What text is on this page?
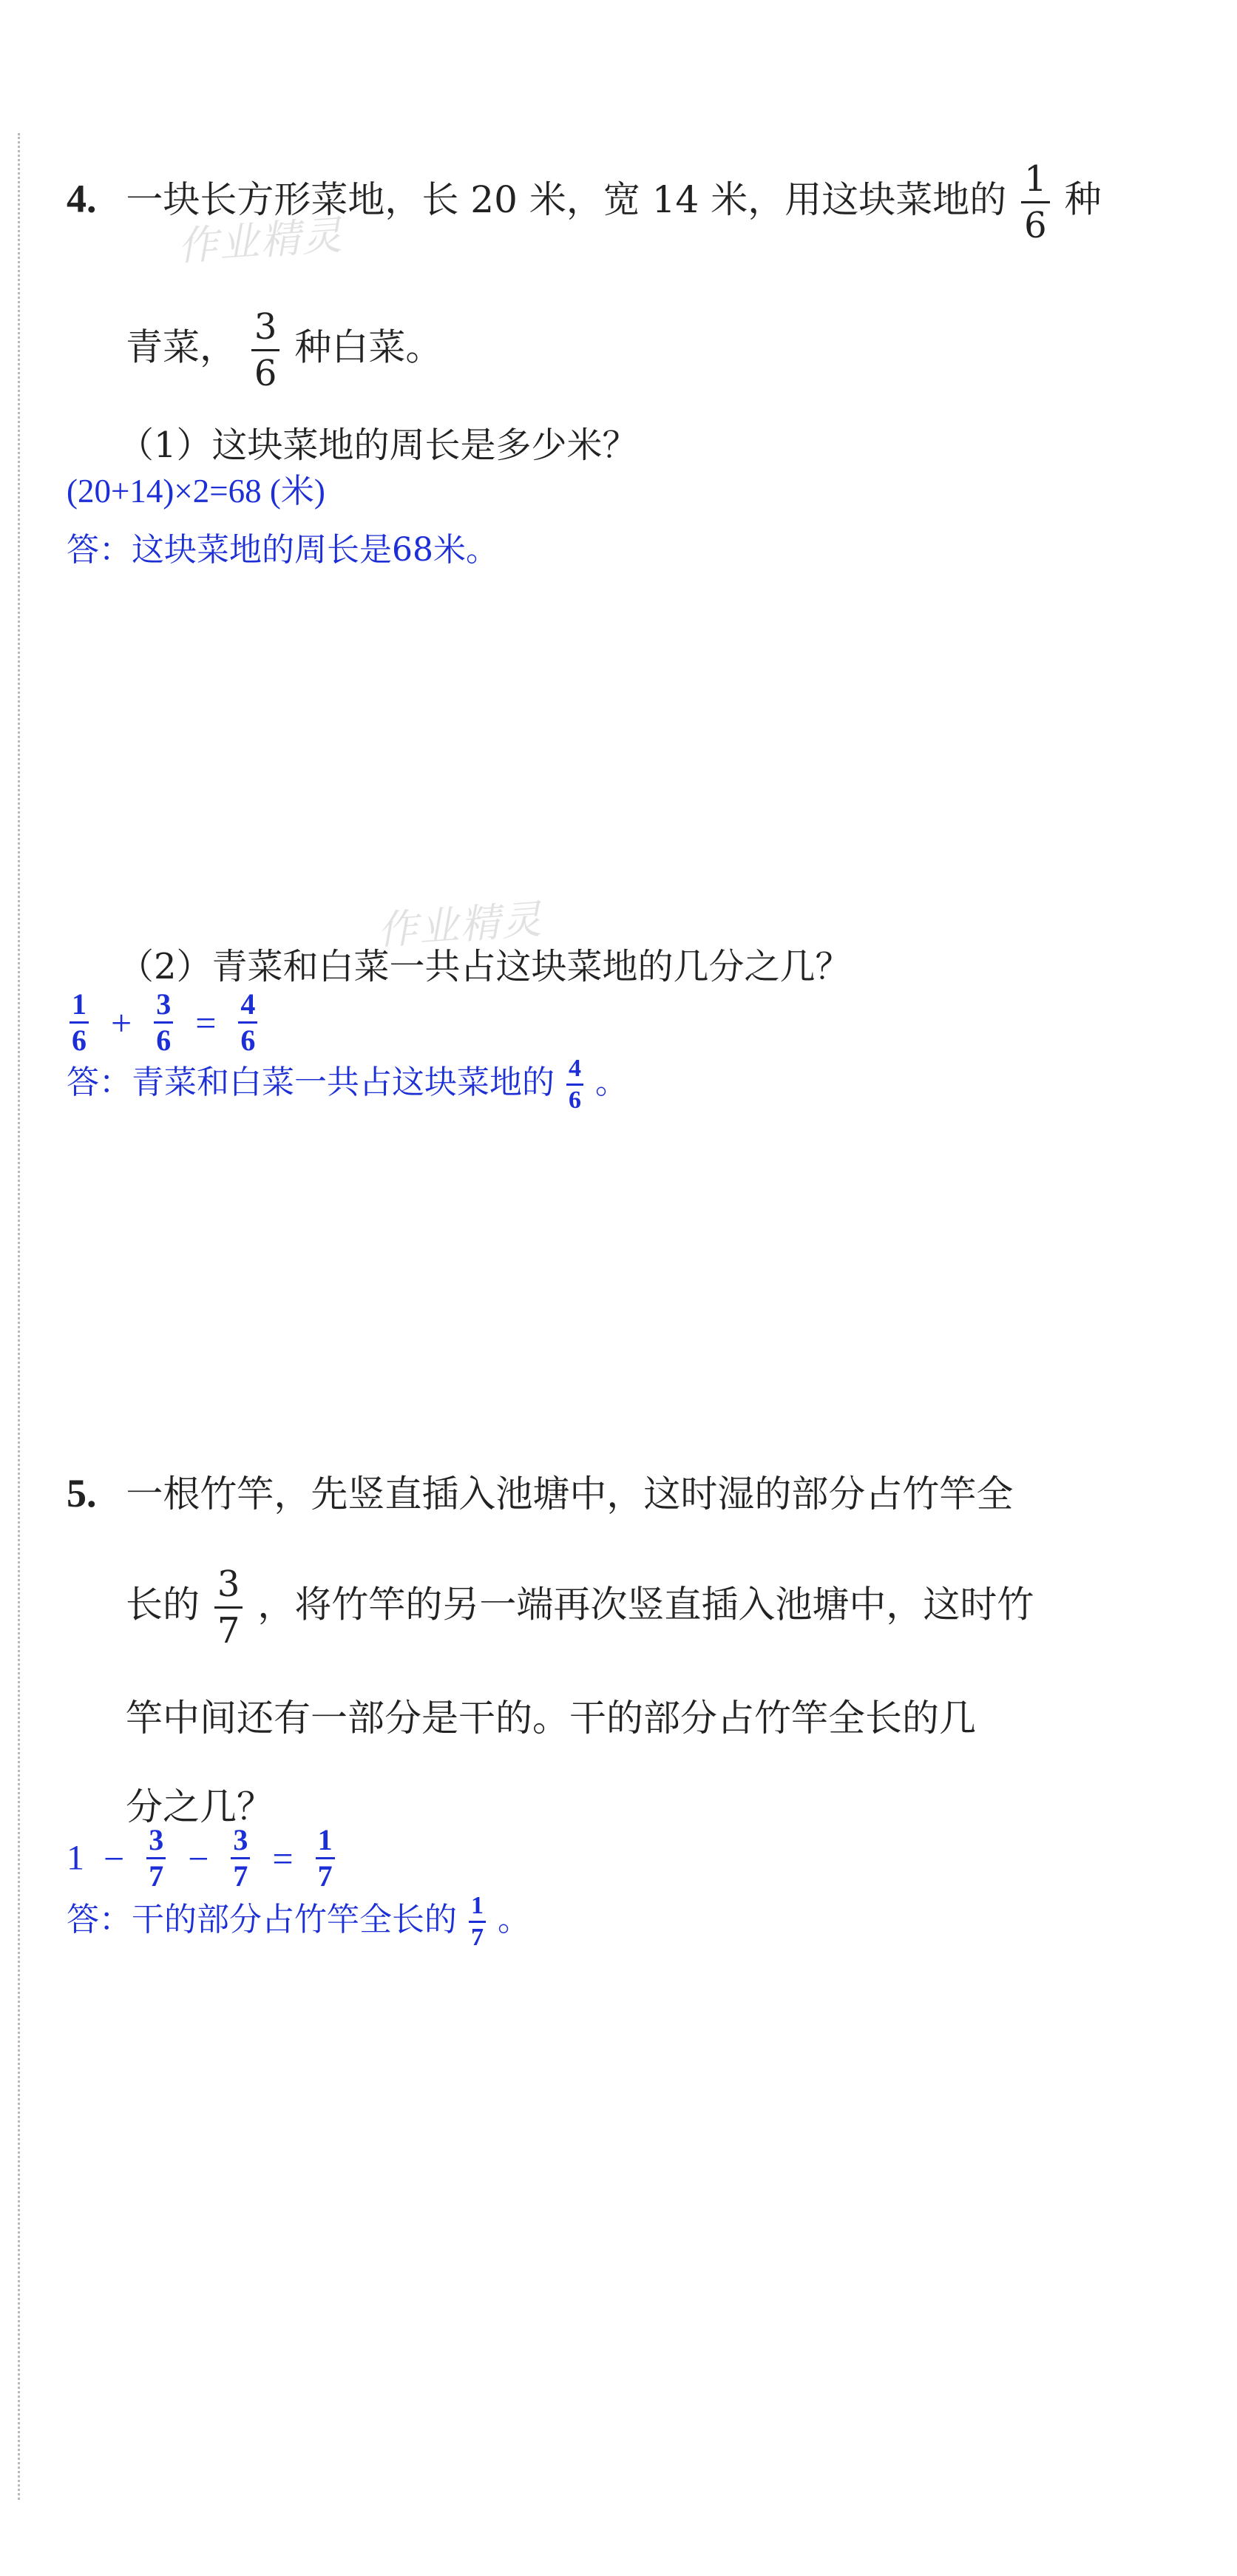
4. 一块长方形菜地，长 20 米，宽 14 米，用这块菜地的 $\frac{1}{6}$ 种
作业精灵
青菜， $\frac{3}{6}$ 种白菜。
（1）这块菜地的周长是多少米？
(20+14)×2=68 (米)
答：这块菜地的周长是68米。
作业精灵
（2）青菜和白菜一共占这块菜地的几分之几？
$\frac{1}{6} + \frac{3}{6} = \frac{4}{6}$
答：青菜和白菜一共占这块菜地的 $\frac{4}{6}$ 。
5. 一根竹竿，先竖直插入池塘中，这时湿的部分占竹竿全
长的 $\frac{3}{7}$ ，将竹竿的另一端再次竖直插入池塘中，这时竹
竿中间还有一部分是干的。干的部分占竹竿全长的几
分之几？
$1 - \frac{3}{7} - \frac{3}{7} = \frac{1}{7}$
答：干的部分占竹竿全长的 $\frac{1}{7}$ 。
